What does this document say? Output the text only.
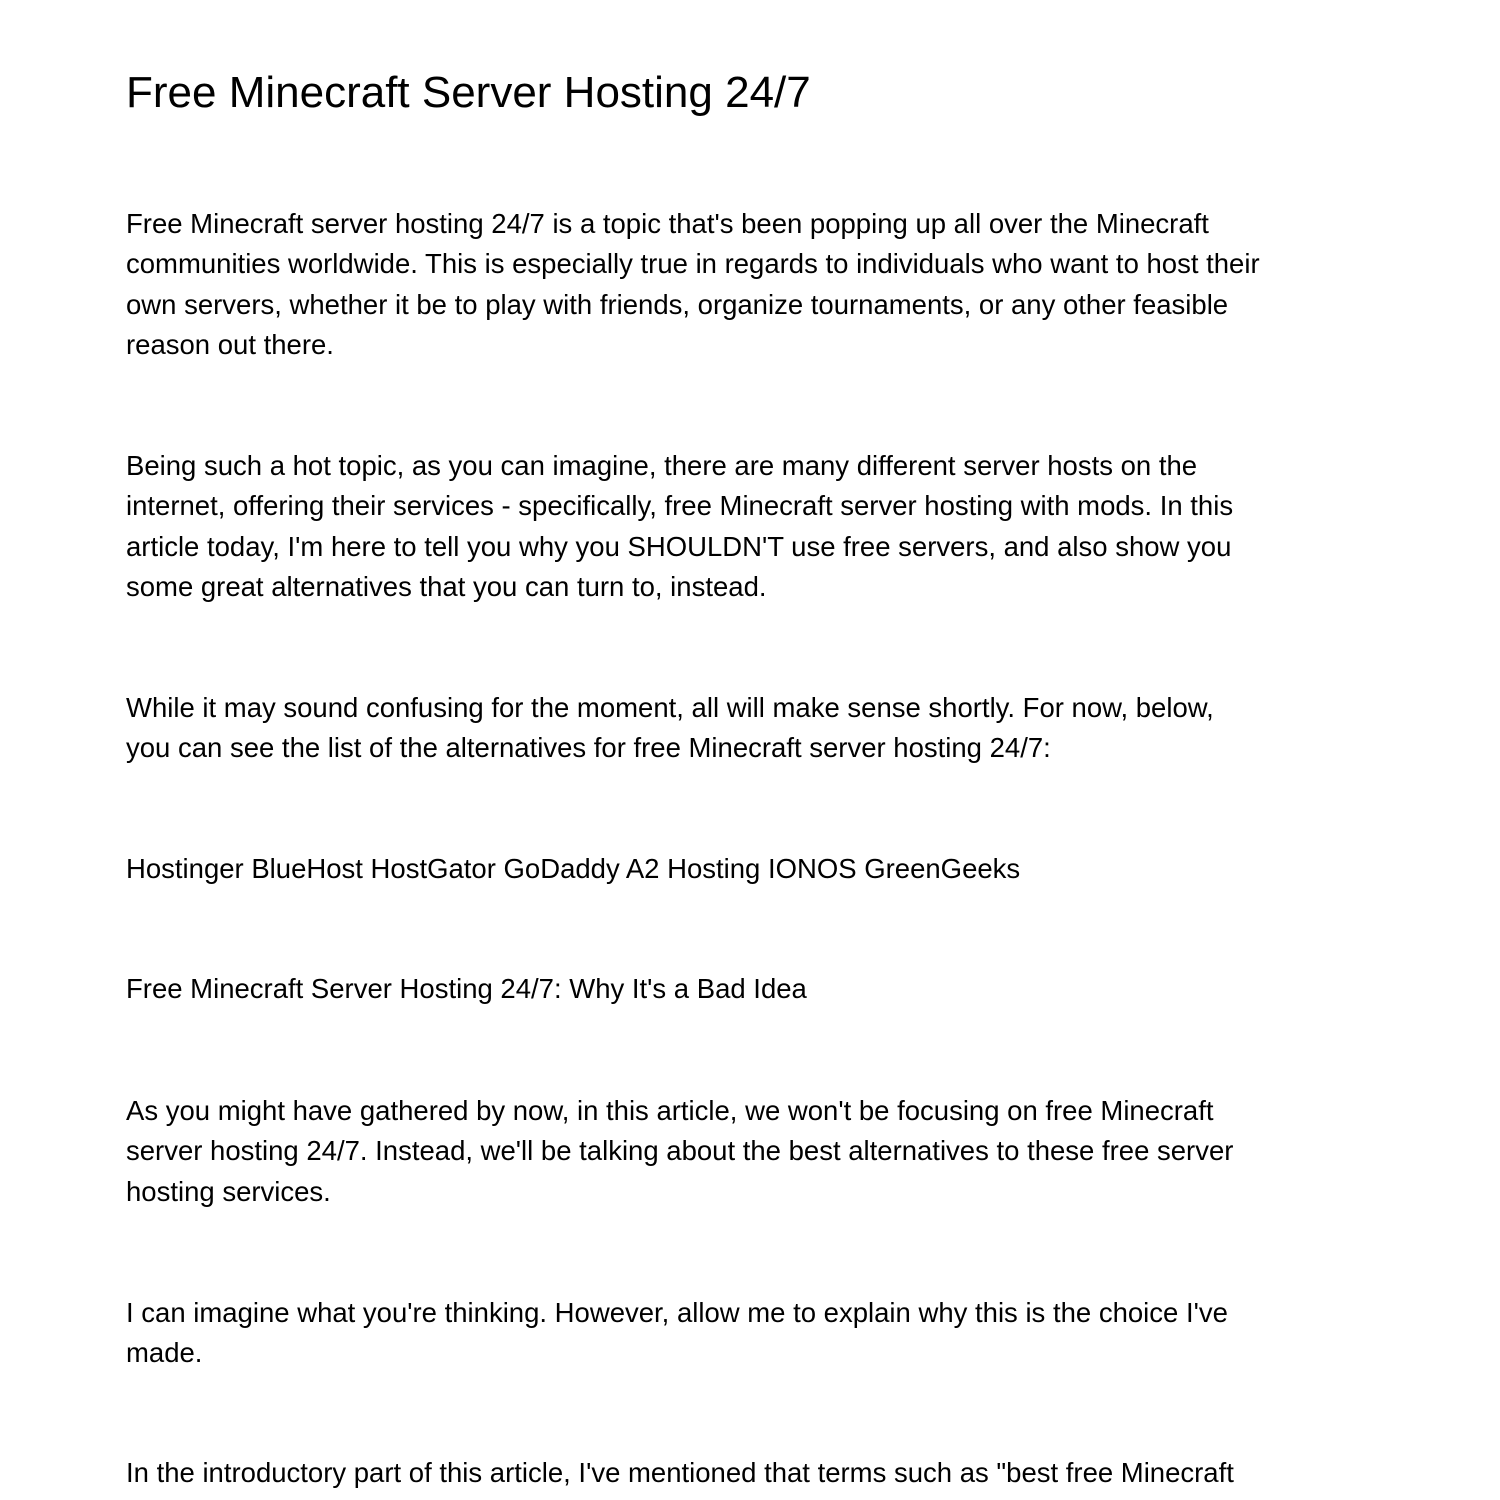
Free Minecraft Server Hosting 24/7
Free Minecraft server hosting 24/7 is a topic that's been popping up all over the Minecraft
communities worldwide. This is especially true in regards to individuals who want to host their
own servers, whether it be to play with friends, organize tournaments, or any other feasible
reason out there.
Being such a hot topic, as you can imagine, there are many different server hosts on the
internet, offering their services - specifically, free Minecraft server hosting with mods. In this
article today, I'm here to tell you why you SHOULDN'T use free servers, and also show you
some great alternatives that you can turn to, instead.
While it may sound confusing for the moment, all will make sense shortly. For now, below,
you can see the list of the alternatives for free Minecraft server hosting 24/7:
Hostinger BlueHost HostGator GoDaddy A2 Hosting IONOS GreenGeeks
Free Minecraft Server Hosting 24/7: Why It's a Bad Idea
As you might have gathered by now, in this article, we won't be focusing on free Minecraft
server hosting 24/7. Instead, we'll be talking about the best alternatives to these free server
hosting services.
I can imagine what you're thinking. However, allow me to explain why this is the choice I've
made.
In the introductory part of this article, I've mentioned that terms such as "best free Minecraft
